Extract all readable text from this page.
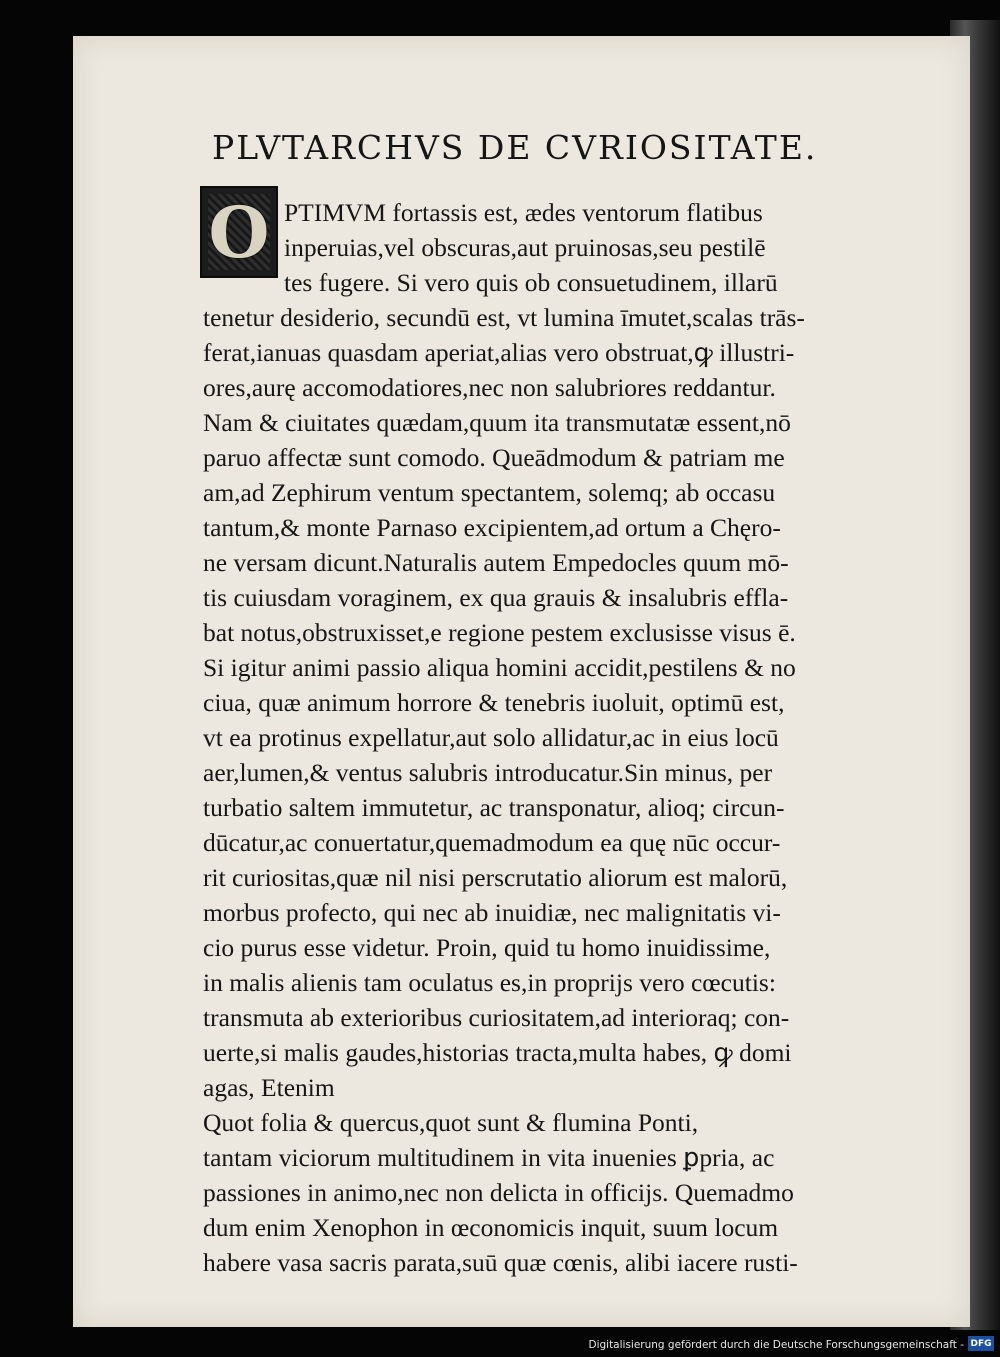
PLVTARCHVS DE CVRIOSITATE.
O PTIMVM fortassis est, ædes ventorum flatibus
inperuias,vel obscuras,aut pruinosas,seu pestilē
tes fugere. Si vero quis ob consuetudinem, illarū
tenetur desiderio, secundū est, vt lumina īmutet,scalas trās-
ferat,ianuas quasdam aperiat,alias vero obstruat,ꝙ illustri-
ores,aurę accomodatiores,nec non salubriores reddantur.
Nam & ciuitates quædam,quum ita transmutatæ essent,nō
paruo affectæ sunt comodo. Queādmodum & patriam me
am,ad Zephirum ventum spectantem, solemq; ab occasu
tantum,& monte Parnaso excipientem,ad ortum a Chęro-
ne versam dicunt.Naturalis autem Empedocles quum mō-
tis cuiusdam voraginem, ex qua grauis & insalubris effla-
bat notus,obstruxisset,e regione pestem exclusisse visus ē.
Si igitur animi passio aliqua homini accidit,pestilens & no
ciua, quæ animum horrore & tenebris iuoluit, optimū est,
vt ea protinus expellatur,aut solo allidatur,ac in eius locū
aer,lumen,& ventus salubris introducatur.Sin minus, per
turbatio saltem immutetur, ac transponatur, alioq; circun-
dūcatur,ac conuertatur,quemadmodum ea quę nūc occur-
rit curiositas,quæ nil nisi perscrutatio aliorum est malorū,
morbus profecto, qui nec ab inuidiæ, nec malignitatis vi-
cio purus esse videtur. Proin, quid tu homo inuidissime,
in malis alienis tam oculatus es,in proprijs vero cœcutis:
transmuta ab exterioribus curiositatem,ad interioraq; con-
uerte,si malis gaudes,historias tracta,multa habes, ꝙ domi
agas, Etenim
Quot folia & quercus,quot sunt & flumina Ponti,
tantam viciorum multitudinem in vita inuenies ꝑpria, ac
passiones in animo,nec non delicta in officijs. Quemadmo
dum enim Xenophon in œconomicis inquit, suum locum
habere vasa sacris parata,suū quæ cœnis, alibi iacere rusti-
Digitalisierung gefördert durch die Deutsche Forschungsgemeinschaft - DFG
